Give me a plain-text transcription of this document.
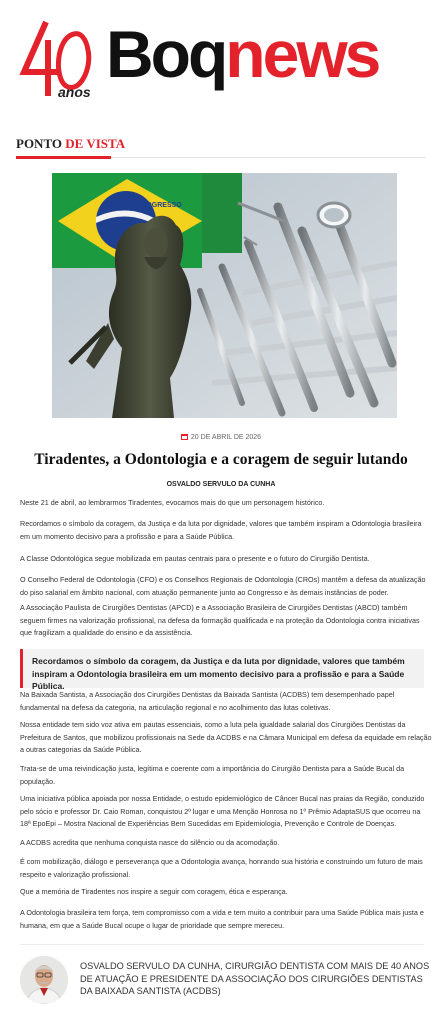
anos
Boqnews
PONTO DE VISTA
ORDEM E PROGRESSO
20 DE ABRIL DE 2026
Tiradentes, a Odontologia e a coragem de seguir lutando
OSVALDO SERVULO DA CUNHA

Neste 21 de abril, ao lembrarmos Tiradentes, evocamos mais do que um personagem histórico.

Recordamos o símbolo da coragem, da Justiça e da luta por dignidade, valores que também inspiram a Odontologia brasileira em um momento decisivo para a profissão e para a Saúde Pública.

A Classe Odontológica segue mobilizada em pautas centrais para o presente e o futuro do Cirurgião Dentista.

O Conselho Federal de Odontologia (CFO) e os Conselhos Regionais de Odontologia (CROs) mantêm a defesa da atualização do piso salarial em âmbito nacional, com atuação permanente junto ao Congresso e às demais instâncias de poder.

A Associação Paulista de Cirurgiões Dentistas (APCD) e a Associação Brasileira de Cirurgiões Dentistas (ABCD) também seguem firmes na valorização profissional, na defesa da formação qualificada e na proteção da Odontologia contra iniciativas que fragilizam a qualidade do ensino e da assistência.

Recordamos o símbolo da coragem, da Justiça e da luta por dignidade, valores que também inspiram a Odontologia brasileira em um momento decisivo para a profissão e para a Saúde Pública.

Na Baixada Santista, a Associação dos Cirurgiões Dentistas da Baixada Santista (ACDBS) tem desempenhado papel fundamental na defesa da categoria, na articulação regional e no acolhimento das lutas coletivas.

Nossa entidade tem sido voz ativa em pautas essenciais, como a luta pela igualdade salarial dos Cirurgiões Dentistas da Prefeitura de Santos, que mobilizou profissionais na Sede da ACDBS e na Câmara Municipal em defesa da equidade em relação a outras categorias da Saúde Pública.

Trata-se de uma reivindicação justa, legítima e coerente com a importância do Cirurgião Dentista para a Saúde Bucal da população.

Uma iniciativa pública apoiada por nossa Entidade, o estudo epidemiológico de Câncer Bucal nas praias da Região, conduzido pelo sócio e professor Dr. Caio Roman, conquistou 2º lugar e uma Menção Honrosa no 1º Prêmio AdaptaSUS que ocorreu na 18ª EpoEpi – Mostra Nacional de Experiências Bem Sucedidas em Epidemiologia, Prevenção e Controle de Doenças.

A ACDBS acredita que nenhuma conquista nasce do silêncio ou da acomodação.

É com mobilização, diálogo e perseverança que a Odontologia avança, honrando sua história e construindo um futuro de mais respeito e valorização profissional.

Que a memória de Tiradentes nos inspire a seguir com coragem, ética e esperança.

A Odontologia brasileira tem força, tem compromisso com a vida e tem muito a contribuir para uma Saúde Pública mais justa e humana, em que a Saúde Bucal ocupe o lugar de prioridade que sempre mereceu.

OSVALDO SERVULO DA CUNHA, CIRURGIÃO DENTISTA COM MAIS DE 40 ANOS DE ATUAÇÃO E PRESIDENTE DA ASSOCIAÇÃO DOS CIRURGIÕES DENTISTAS DA BAIXADA SANTISTA (ACDBS)
